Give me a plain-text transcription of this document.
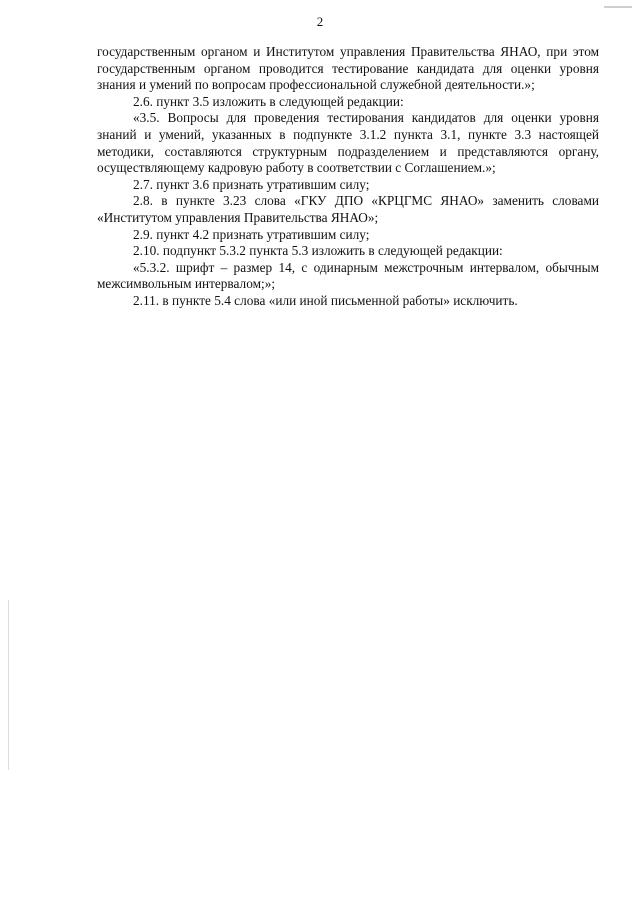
2

государственным органом и Институтом управления Правительства ЯНАО, при этом государственным органом проводится тестирование кандидата для оценки уровня знания и умений по вопросам профессиональной служебной деятельности.»;

2.6. пункт 3.5 изложить в следующей редакции:

«3.5. Вопросы для проведения тестирования кандидатов для оценки уровня знаний и умений, указанных в подпункте 3.1.2 пункта 3.1, пункте 3.3 настоящей методики, составляются структурным подразделением и представляются органу, осуществляющему кадровую работу в соответствии с Соглашением.»;

2.7. пункт 3.6 признать утратившим силу;

2.8. в пункте 3.23 слова «ГКУ ДПО «КРЦГМС ЯНАО» заменить словами «Институтом управления Правительства ЯНАО»;

2.9. пункт 4.2 признать утратившим силу;

2.10. подпункт 5.3.2 пункта 5.3 изложить в следующей редакции:

«5.3.2. шрифт – размер 14, с одинарным межстрочным интервалом, обычным межсимвольным интервалом;»;

2.11. в пункте 5.4 слова «или иной письменной работы» исключить.
